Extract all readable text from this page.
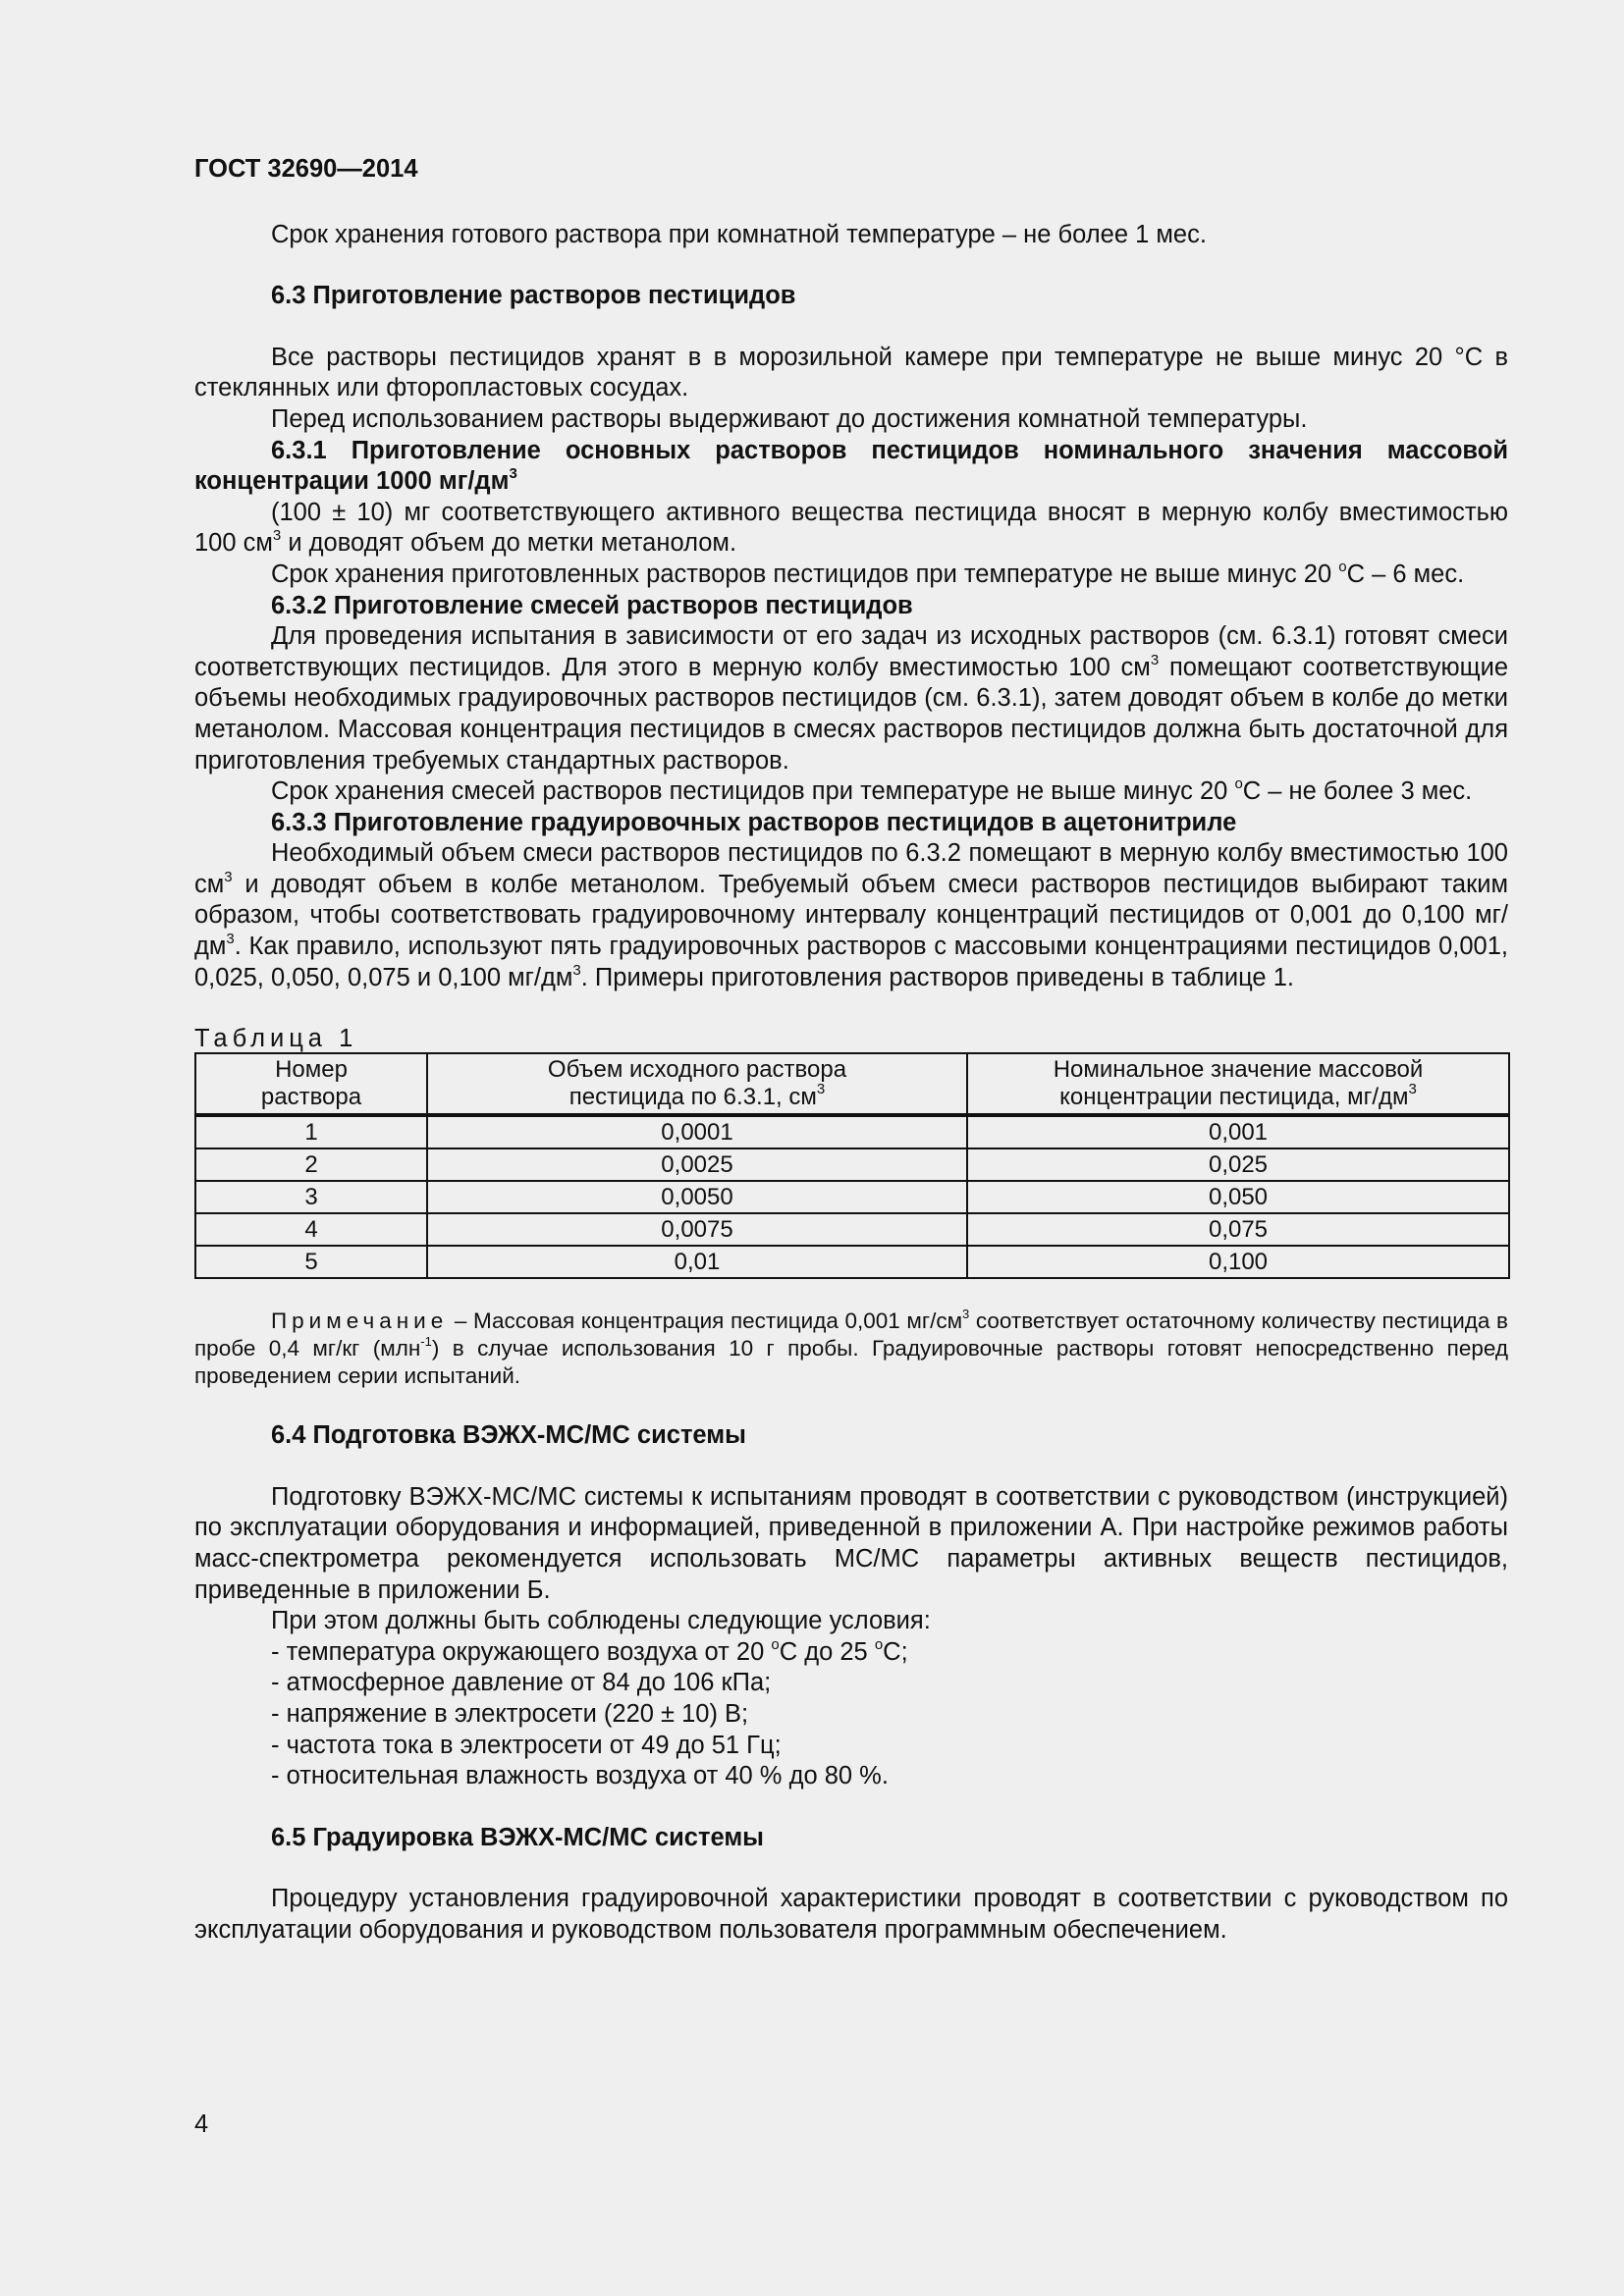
ГОСТ 32690—2014

Срок хранения готового раствора при комнатной температуре – не более 1 мес.

6.3 Приготовление растворов пестицидов

Все растворы пестицидов хранят в в морозильной камере при температуре не выше минус 20 °С в стеклянных или фторопластовых сосудах.

Перед использованием растворы выдерживают до достижения комнатной температуры.

6.3.1 Приготовление основных растворов пестицидов номинального значения массовой концентрации 1000 $мг/дм^3$

(100 ± 10) мг соответствующего активного вещества пестицида вносят в мерную колбу вместимостью 100 $см^3$ и доводят объем до метки метанолом.

Срок хранения приготовленных растворов пестицидов при температуре не выше минус 20 $^о$С – 6 мес.

6.3.2 Приготовление смесей растворов пестицидов

Для проведения испытания в зависимости от его задач из исходных растворов (см. 6.3.1) готовят смеси соответствующих пестицидов. Для этого в мерную колбу вместимостью 100 $см^3$ помещают соответствующие объемы необходимых градуировочных растворов пестицидов (см. 6.3.1), затем доводят объем в колбе до метки метанолом. Массовая концентрация пестицидов в смесях растворов пестицидов должна быть достаточной для приготовления требуемых стандартных растворов.

Срок хранения смесей растворов пестицидов при температуре не выше минус 20 $^о$С – не более 3 мес.

6.3.3 Приготовление градуировочных растворов пестицидов в ацетонитриле

Необходимый объем смеси растворов пестицидов по 6.3.2 помещают в мерную колбу вместимостью 100 $см^3$ и доводят объем в колбе метанолом. Требуемый объем смеси растворов пестицидов выбирают таким образом, чтобы соответствовать градуировочному интервалу концентраций пестицидов от 0,001 до 0,100 $мг/дм^3$. Как правило, используют пять градуировочных растворов с массовыми концентрациями пестицидов 0,001, 0,025, 0,050, 0,075 и 0,100 $мг/дм^3$. Примеры приготовления растворов приведены в таблице 1.

Таблица 1
Номер раствора	Объем исходного раствора пестицида по 6.3.1, $см^3$	Номинальное значение массовой концентрации пестицида, $мг/дм^3$

1	0,0001	0,001
2	0,0025	0,025
3	0,0050	0,050
4	0,0075	0,075
5	0,01	0,100

Примечание – Массовая концентрация пестицида 0,001 $мг/см^3$ соответствует остаточному количеству пестицида в пробе 0,4 мг/кг (млн$^{-1}$) в случае использования 10 г пробы. Градуировочные растворы готовят непосредственно перед проведением серии испытаний.

6.4 Подготовка ВЭЖХ-МС/МС системы

Подготовку ВЭЖХ-МС/МС системы к испытаниям проводят в соответствии с руководством (инструкцией) по эксплуатации оборудования и информацией, приведенной в приложении А. При настройке режимов работы масс-спектрометра рекомендуется использовать МС/МС параметры активных веществ пестицидов, приведенные в приложении Б.

При этом должны быть соблюдены следующие условия:

- температура окружающего воздуха от 20 $^о$С до 25 $^о$С;

- атмосферное давление от 84 до 106 кПа;

- напряжение в электросети (220 ± 10) В;

- частота тока в электросети от 49 до 51 Гц;

- относительная влажность воздуха от 40 % до 80 %.

6.5 Градуировка ВЭЖХ-МС/МС системы

Процедуру установления градуировочной характеристики проводят в соответствии с руководством по эксплуатации оборудования и руководством пользователя программным обеспечением.

4
